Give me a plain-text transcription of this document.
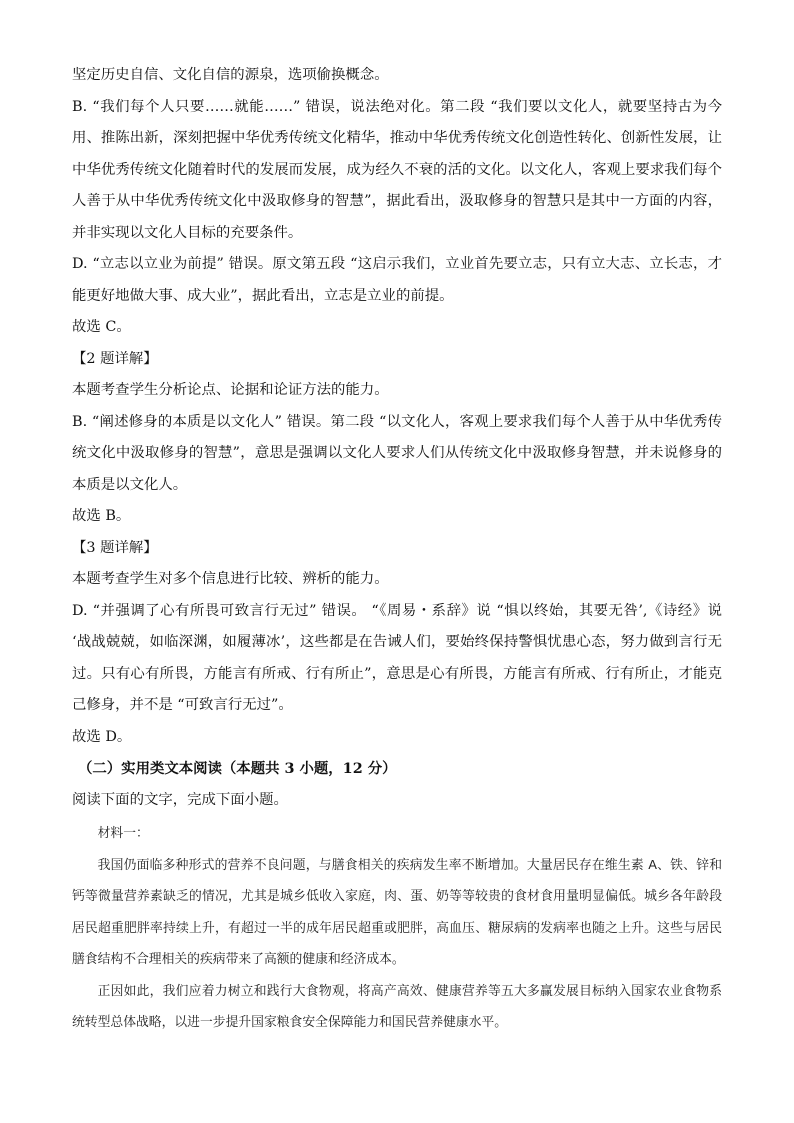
坚定历史自信、文化自信的源泉，选项偷换概念。
B. “我们每个人只要……就能……” 错误，说法绝对化。第二段 “我们要以文化人，就要坚持古为今用、推陈出新，深刻把握中华优秀传统文化精华，推动中华优秀传统文化创造性转化、创新性发展，让中华优秀传统文化随着时代的发展而发展，成为经久不衰的活的文化。以文化人，客观上要求我们每个人善于从中华优秀传统文化中汲取修身的智慧”，据此看出，汲取修身的智慧只是其中一方面的内容，并非实现以文化人目标的充要条件。
D. “立志以立业为前提” 错误。原文第五段 “这启示我们，立业首先要立志，只有立大志、立长志，才能更好地做大事、成大业”，据此看出，立志是立业的前提。
故选 C。
【2 题详解】
本题考查学生分析论点、论据和论证方法的能力。
B. “阐述修身的本质是以文化人” 错误。第二段 “以文化人，客观上要求我们每个人善于从中华优秀传统文化中汲取修身的智慧”，意思是强调以文化人要求人们从传统文化中汲取修身智慧，并未说修身的本质是以文化人。
故选 B。
【3 题详解】
本题考查学生对多个信息进行比较、辨析的能力。
D. “并强调了心有所畏可致言行无过” 错误。 “《周易・系辞》说 “惧以终始，其要无咎’,《诗经》说 ‘战战兢兢，如临深渊，如履薄冰’，这些都是在告诫人们，要始终保持警惧忧患心态，努力做到言行无过。只有心有所畏，方能言有所戒、行有所止”，意思是心有所畏，方能言有所戒、行有所止，才能克己修身，并不是 “可致言行无过”。
故选 D。
（二）实用类文本阅读（本题共 3 小题，12 分）
阅读下面的文字，完成下面小题。
材料一：
我国仍面临多种形式的营养不良问题，与膳食相关的疾病发生率不断增加。大量居民存在维生素 A、铁、锌和钙等微量营养素缺乏的情况，尤其是城乡低收入家庭，肉、蛋、奶等等较贵的食材食用量明显偏低。城乡各年龄段居民超重肥胖率持续上升，有超过一半的成年居民超重或肥胖，高血压、糖尿病的发病率也随之上升。这些与居民膳食结构不合理相关的疾病带来了高额的健康和经济成本。
正因如此，我们应着力树立和践行大食物观，将高产高效、健康营养等五大多赢发展目标纳入国家农业食物系统转型总体战略，以进一步提升国家粮食安全保障能力和国民营养健康水平。
